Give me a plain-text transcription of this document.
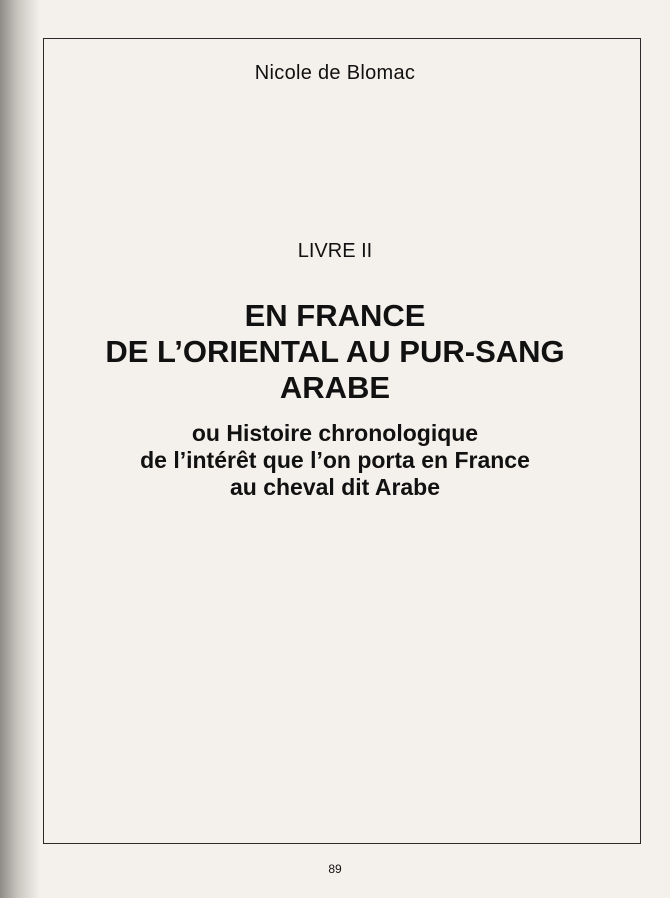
Nicole de Blomac
LIVRE II
EN FRANCE
DE L’ORIENTAL AU PUR-SANG
ARABE
ou Histoire chronologique
de l’intérêt que l’on porta en France
au cheval dit Arabe
89
